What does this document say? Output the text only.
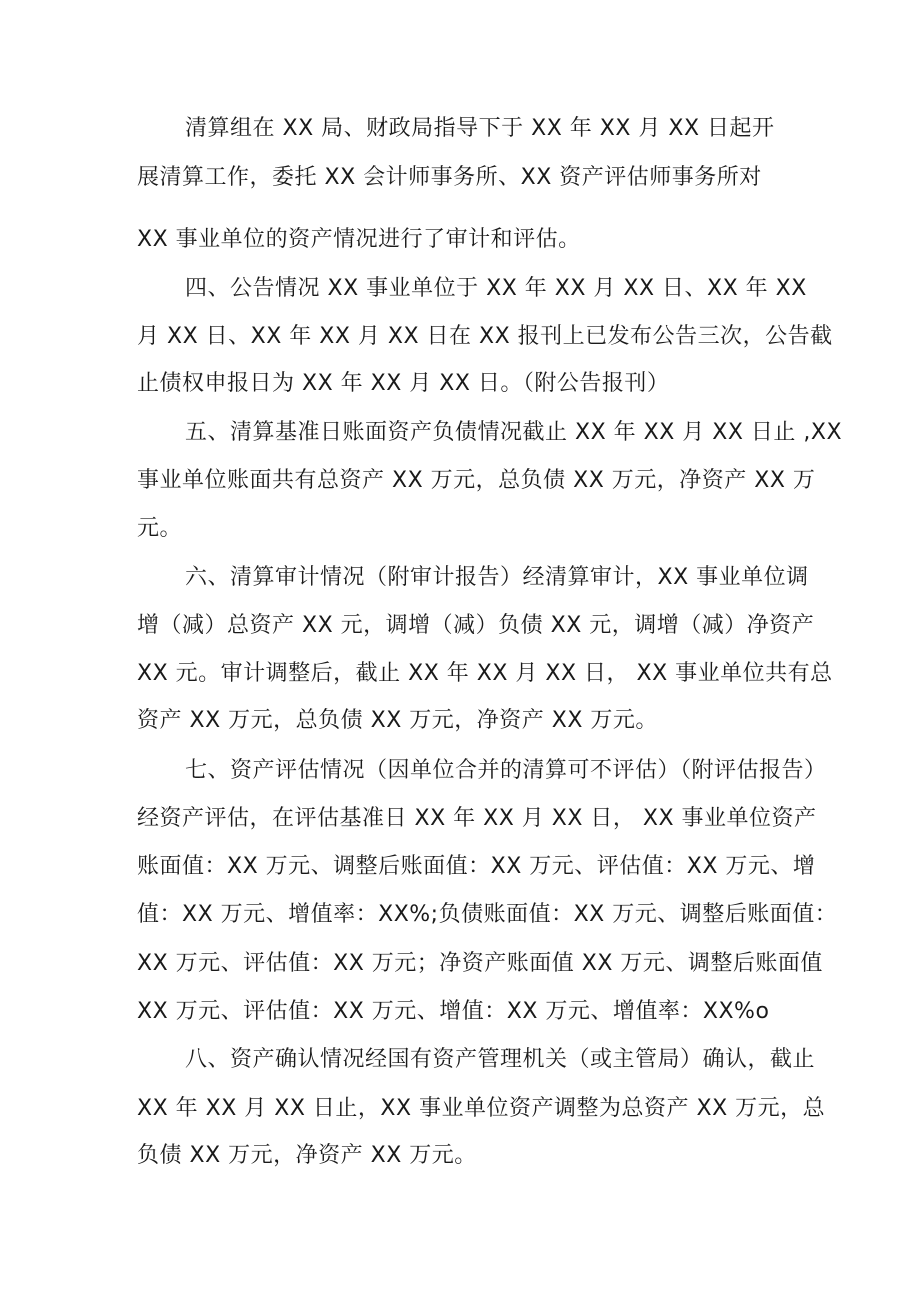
清算组在 XX 局、财政局指导下于 XX 年 XX 月 XX 日起开
展清算工作，委托 XX 会计师事务所、XX 资产评估师事务所对
XX 事业单位的资产情况进行了审计和评估。
四、公告情况 XX 事业单位于 XX 年 XX 月 XX 日、XX 年 XX
月 XX 日、XX 年 XX 月 XX 日在 XX 报刊上已发布公告三次，公告截
止债权申报日为 XX 年 XX 月 XX 日。（附公告报刊）
五、清算基准日账面资产负债情况截止 XX 年 XX 月 XX 日止 ,XX
事业单位账面共有总资产 XX 万元，总负债 XX 万元，净资产 XX 万
元。
六、清算审计情况（附审计报告）经清算审计，XX 事业单位调
增（减）总资产 XX 元，调增（减）负债 XX 元，调增（减）净资产
XX 元。审计调整后，截止 XX 年 XX 月 XX 日， XX 事业单位共有总
资产 XX 万元，总负债 XX 万元，净资产 XX 万元。
七、资产评估情况（因单位合并的清算可不评估）（附评估报告）
经资产评估，在评估基准日 XX 年 XX 月 XX 日， XX 事业单位资产
账面值：XX 万元、调整后账面值：XX 万元、评估值：XX 万元、增
值：XX 万元、增值率：XX%;负债账面值：XX 万元、调整后账面值：
XX 万元、评估值：XX 万元；净资产账面值 XX 万元、调整后账面值
XX 万元、评估值：XX 万元、增值：XX 万元、增值率：XX%o
八、资产确认情况经国有资产管理机关（或主管局）确认，截止
XX 年 XX 月 XX 日止，XX 事业单位资产调整为总资产 XX 万元，总
负债 XX 万元，净资产 XX 万元。
